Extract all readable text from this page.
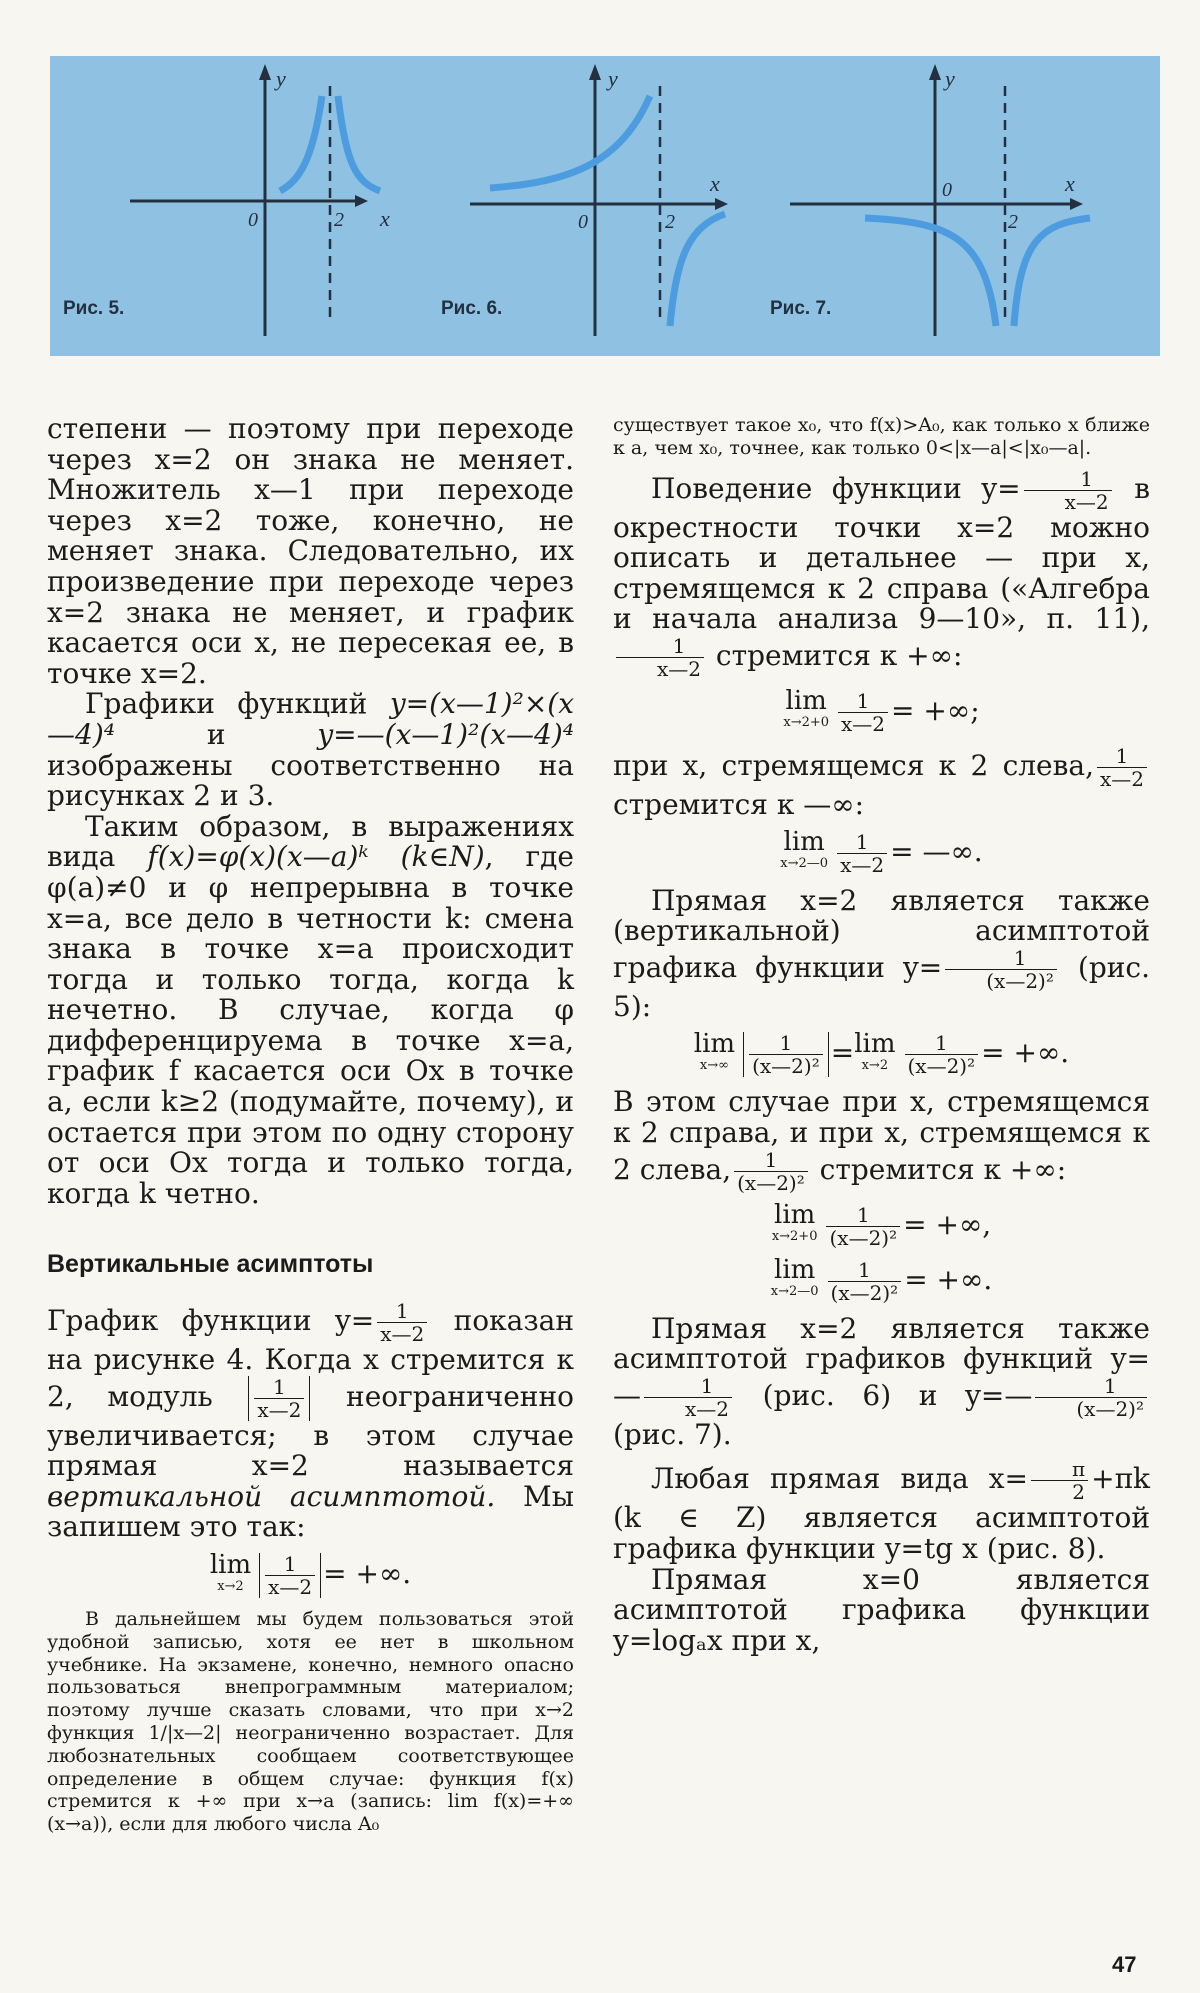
y
x
0	2
y
x
0	2
y
x
0
2
Рис. 5.	Рис. 6.	Рис. 7.

степени — поэтому при переходе через x=2 он знака не меняет. Множитель x—1 при переходе через x=2 тоже, конечно, не меняет знака. Следовательно, их произведение при переходе через x=2 знака не меняет, и график касается оси x, не пересекая ее, в точке x=2.

Графики функций y=(x—1)²×(x—4)⁴ и y=—(x—1)²(x—4)⁴ изображены соответственно на рисунках 2 и 3.

Таким образом, в выражениях вида f(x)=φ(x)(x—a)ᵏ (k∈N), где φ(a)≠0 и φ непрерывна в точке x=a, все дело в четности k: смена знака в точке x=a происходит тогда и только тогда, когда k нечетно. В случае, когда φ дифференцируема в точке x=a, график f касается оси Ox в точке a, если k≥2 (подумайте, почему), и остается при этом по одну сторону от оси Ox тогда и только тогда, когда k четно.

Вертикальные асимптоты

График функции $y= \frac{1}{x—2}$ показан на рисунке 4. Когда x стремится к 2, модуль $\frac{1}{x—2}$ неограниченно увеличивается; в этом случае прямая x=2 называется вертикальной асимптотой. Мы запишем это так:

lim
x→2	$\frac{1}{x—2}$ = +∞.

В дальнейшем мы будем пользоваться этой удобной записью, хотя ее нет в школьном учебнике. На экзамене, конечно, немного опасно пользоваться внепрограммным материалом; поэтому лучше сказать словами, что при x→2 функция 1/|x—2| неограниченно возрастает. Для любознательных сообщаем соответствующее определение в общем случае: функция f(x) стремится к +∞ при x→a (запись: lim f(x)=+∞ (x→a)), если для любого числа A₀

существует такое x₀, что f(x)>A₀, как только x ближе к a, чем x₀, точнее, как только 0<|x—a|<|x₀—a|.

Поведение функции $y= \frac{1}{x—2}$ в окрестности точки x=2 можно описать и детальнее — при x, стремящемся к 2 справа («Алгебра и начала анализа 9—10», п. 11),
$\frac{1}{x—2}$ стремится к +∞:

lim
$x\to 2+0 \frac{1}{x—2}$ = +∞;

при x, стремящемся к 2 слева, $\frac{1}{x—2}$
стремится к —∞:

lim
x→2—0 $\frac{1}{x—2}$ = —∞.

Прямая x=2 является также (вертикальной) асимптотой графика функции $y= \frac{1}{\text{(x—2)²}} (рис$. 5):

lim
x→∞	$\frac{1}{\text{(x—2)²}} = \lim$
$x\to 2 \frac{1}{\text{(x—2)²}}$ = +∞.

В этом случае при x, стремящемся к 2 справа, и при x, стремящемся к 2 слева, $\frac{1}{\text{(x—2)²}}$ стремится к +∞:

lim
$x\to 2+0 \frac{1}{\text{(x—2)²}}$ = +∞,
lim
x→2—0 $\frac{1}{\text{(x—2)²}}$ = +∞.

Прямая x=2 является также асимптотой графиков функций y=— $\frac{1}{x—2} (рис$. 6) и y=— $\frac{1}{\text{(x—2)²}}$
(рис. 7).

Любая прямая вида $x= \frac{\pi}{2} +\pi k$ (k ∈ Z) является асимптотой графика функции y=tg x (рис. 8).

Прямая x=0 является асимптотой графика функции y=logₐx при x,

47
